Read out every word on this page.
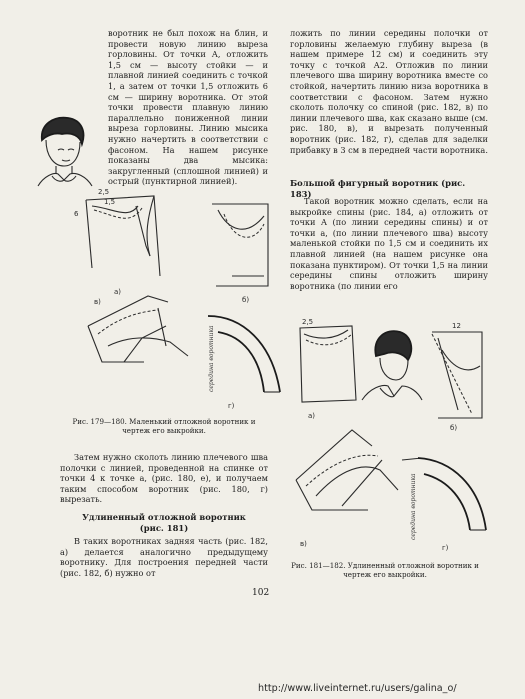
воротник не был похож на блин, и провести новую линию выреза горловины. От точки А, отложить 1,5 см — высоту стойки — и плавной линией соединить с точкой 1, а затем от точки 1,5 отложить 6 см — ширину воротника. От этой точки провести плавную линию параллельно пониженной линии выреза горловины. Линию мысика нужно начертить в соответствии с фасоном. На нашем рисунке показаны два мысика: закругленный (сплошной линией) и острый (пунктирной линией).

2,5
1,5
6
а)
б)
в)
г)
середина воротника
Рис. 179—180. Маленький отложной воротник и чертеж его выкройки.

Затем нужно сколоть линию плечевого шва полочки с линией, проведенной на спинке от точки 4 к точке а, (рис. 180, е), и получаем таким способом воротник (рис. 180, г) вырезать.

Удлиненный отложной воротник
(рис. 181)

В таких воротниках задняя часть (рис. 182, а) делается аналогично предыдущему воротнику. Для построения передней части (рис. 182, б) нужно от

ложить по линии середины полочки от горловины желаемую глубину выреза (в нашем примере 12 см) и соединить эту точку с точкой А2. Отложив по линии плечевого шва ширину воротника вместе со стойкой, начертить линию низа воротника в соответствии с фасоном. Затем нужно сколоть полочку со спиной (рис. 182, в) по линии плечевого шва, как сказано выше (см. рис. 180, в), и вырезать полученный воротник (рис. 182, г), сделав для заделки прибавку в 3 см в передней части воротника.

Большой фигурный воротник (рис. 183)

Такой воротник можно сделать, если на выкройке спины (рис. 184, а) отложить от точки А (по линии середины спины) и от точки а, (по линии плечевого шва) высоту маленькой стойки по 1,5 см и соединить их плавной линией (на нашем рисунке она показана пунктиром). От точки 1,5 на линии середины спины отложить ширину воротника (по линии его

2,5
а)
12
б)
в)	г)
середина воротника
Рис. 181—182. Удлиненный отложной воротник и чертеж его выкройки.
102
http://www.liveinternet.ru/users/galina_o/
